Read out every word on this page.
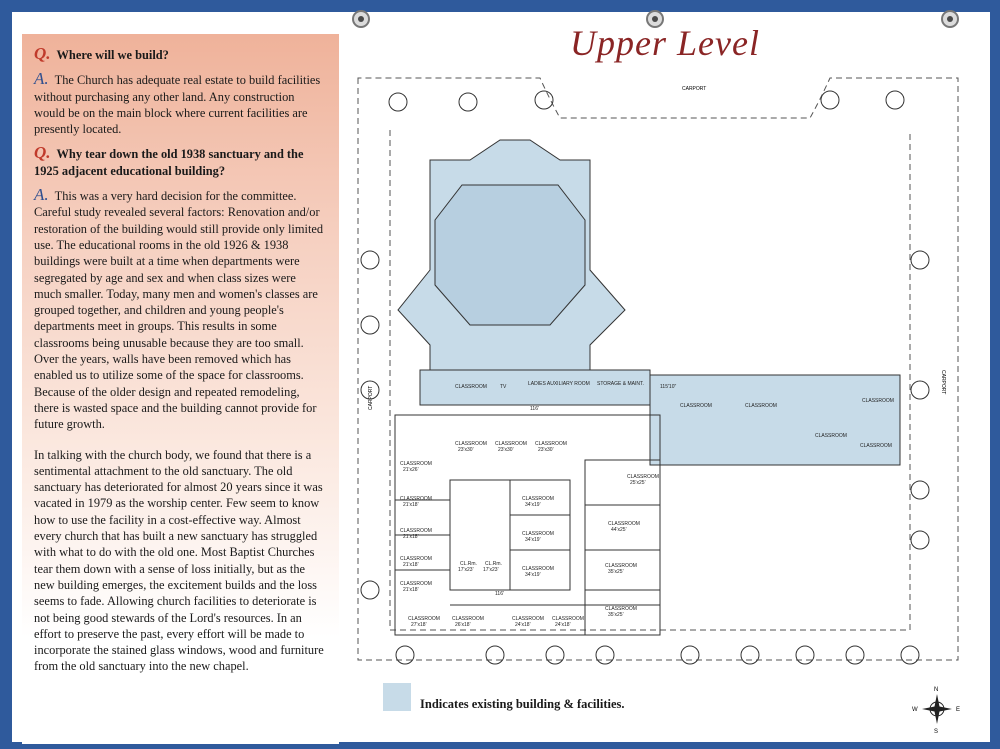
Q. Where will we build?

A. The Church has adequate real estate to build facilities without purchasing any other land. Any construction would be on the main block where current facilities are presently located.

Q. Why tear down the old 1938 sanctuary and the 1925 adjacent educational building?

A. This was a very hard decision for the committee. Careful study revealed several factors: Renovation and/or restoration of the building would still provide only limited use. The educational rooms in the old 1926 & 1938 buildings were built at a time when departments were segregated by age and sex and when class sizes were much smaller. Today, many men and women's classes are grouped together, and children and young people's departments meet in groups. This results in some classrooms being unusable because they are too small. Over the years, walls have been removed which has enabled us to utilize some of the space for classrooms. Because of the older design and repeated remodeling, there is wasted space and the building cannot provide for future growth.

In talking with the church body, we found that there is a sentimental attachment to the old sanctuary. The old sanctuary has deteriorated for almost 20 years since it was vacated in 1979 as the worship center. Few seem to know how to use the facility in a cost-effective way. Almost every church that has built a new sanctuary has struggled with what to do with the old one. Most Baptist Churches tear them down with a sense of loss initially, but as the new building emerges, the excitement builds and the loss seems to fade. Allowing church facilities to deteriorate is not being good stewards of the Lord's resources. In an effort to preserve the past, every effort will be made to incorporate the stained glass windows, wood and furniture from the old sanctuary into the new chapel.

Upper Level
CARPORT
CARPORT
CARPORT
CLASSROOM	TV	LADIES AUXILIARY ROOM STORAGE & MAINT.
116'
115'10"
CLASSROOM	CLASSROOM
CLASSROOM
CLASSROOM
CLASSROOM
CLASSROOM
23'x30'
CLASSROOM
23'x30'
CLASSROOM
23'x30'
CLASSROOM
21'x26'
CLASSROOM
21'x18'
CLASSROOM
21'x18'
CLASSROOM
21'x18'
CLASSROOM
21'x18'
CLASSROOM
34'x19'
CLASSROOM
34'x19'
CLASSROOM
34'x19'
CL.Rm.
17'x23'
CL.Rm.
17'x23'
CLASSROOM
25'x25'
CLASSROOM
44'x25'
CLASSROOM
35'x25'
CLASSROOM
35'x25'
CLASSROOM
27'x18'
CLASSROOM
26'x18'
CLASSROOM
24'x18'
CLASSROOM
24'x18'
116'
Indicates existing building & facilities.
N
S
E
W
